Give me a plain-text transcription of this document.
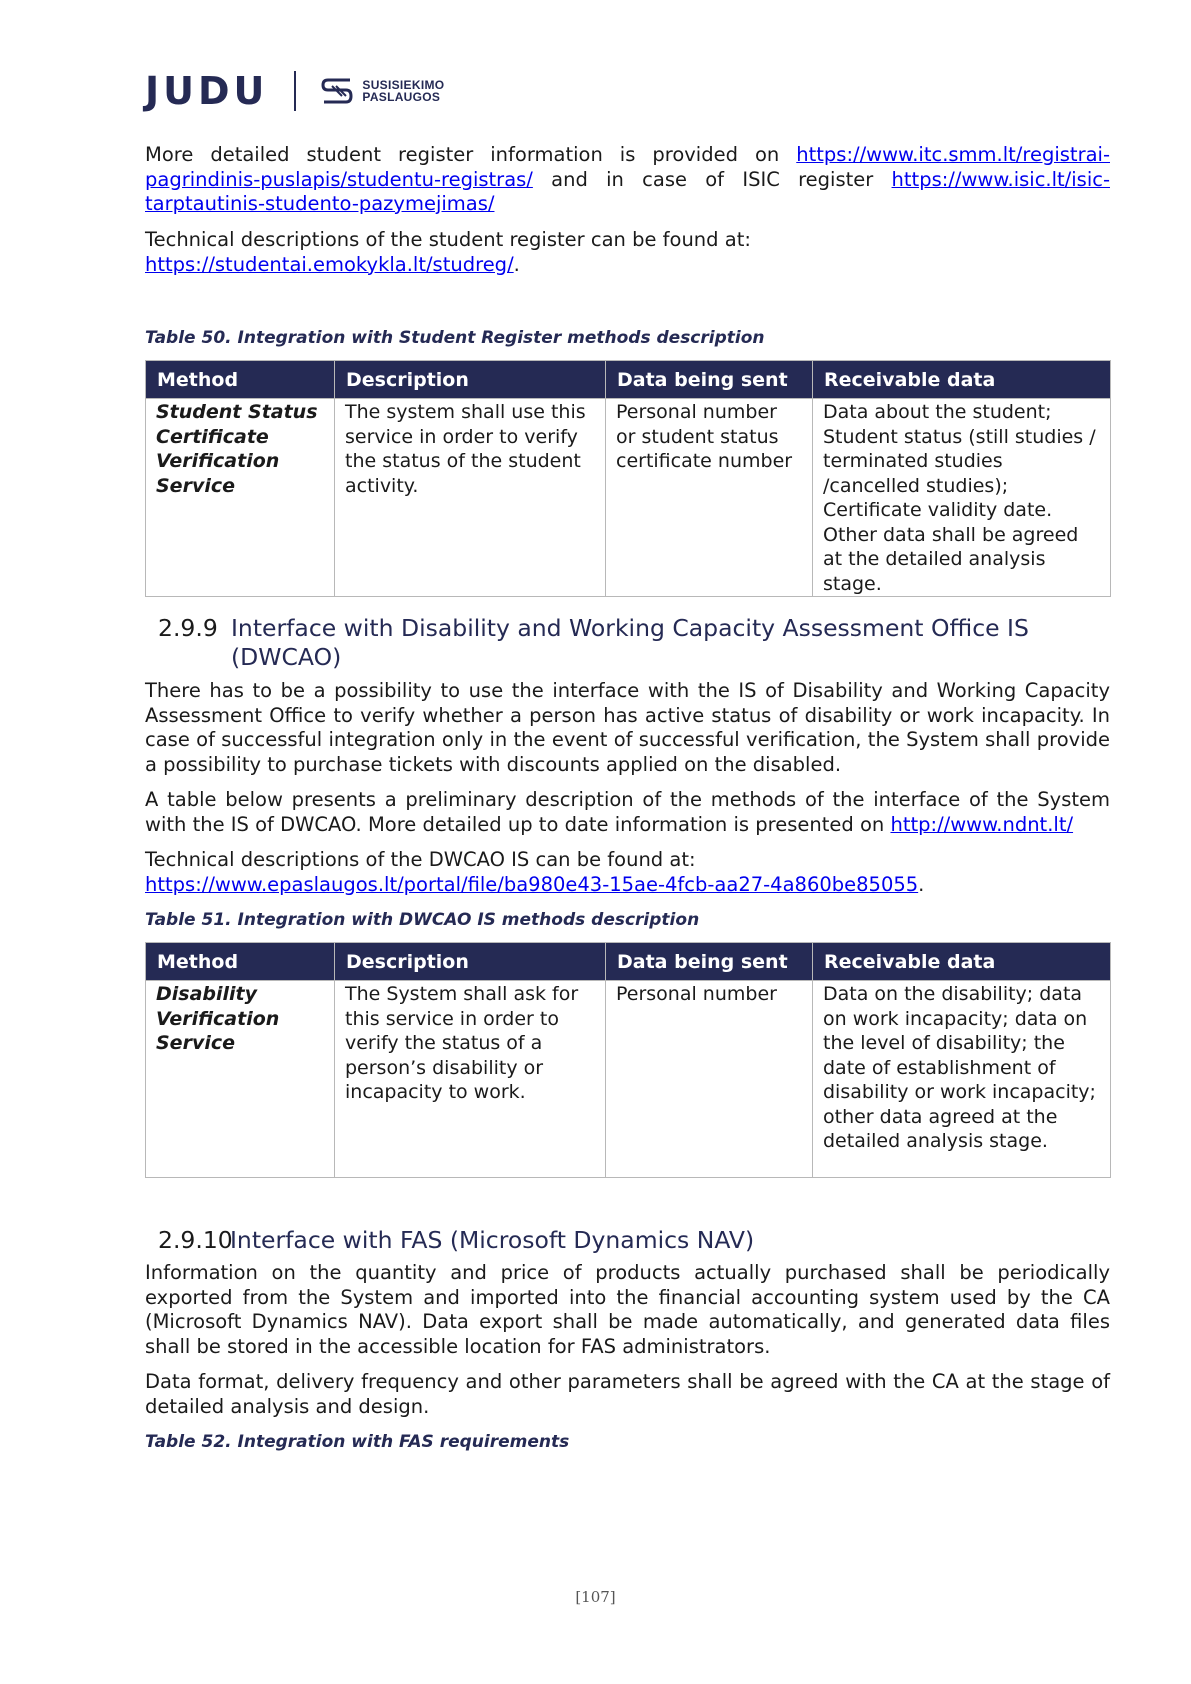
JUDU	SUSISIEKIMO
PASLAUGOS

More detailed student register information is provided on https://www.itc.smm.lt/registrai-pagrindinis-puslapis/studentu-registras/ and in case of ISIC register https://www.isic.lt/isic-tarptautinis-studento-pazymejimas/

Technical descriptions of the student register can be found at:
https://studentai.emokykla.lt/studreg/.

Table 50. Integration with Student Register methods description
Method	Description	Data being sent	Receivable data
Student Status Certificate Verification Service	The system shall use this service in order to verify the status of the student activity.	Personal number or student status certificate number	Data about the student; Student status (still studies / terminated studies /cancelled studies); Certificate validity date. Other data shall be agreed at the detailed analysis stage.
2.9.9 Interface with Disability and Working Capacity Assessment Office IS (DWCAO)

There has to be a possibility to use the interface with the IS of Disability and Working Capacity Assessment Office to verify whether a person has active status of disability or work incapacity. In case of successful integration only in the event of successful verification, the System shall provide a possibility to purchase tickets with discounts applied on the disabled.

A table below presents a preliminary description of the methods of the interface of the System with the IS of DWCAO. More detailed up to date information is presented on http://www.ndnt.lt/

Technical descriptions of the DWCAO IS can be found at:
https://www.epaslaugos.lt/portal/file/ba980e43-15ae-4fcb-aa27-4a860be85055.

Table 51. Integration with DWCAO IS methods description
Method	Description	Data being sent	Receivable data
Disability Verification Service	The System shall ask for this service in order to verify the status of a person’s disability or incapacity to work.	Personal number	Data on the disability; data on work incapacity; data on the level of disability; the date of establishment of disability or work incapacity; other data agreed at the detailed analysis stage.
2.9.10
Interface with FAS (Microsoft Dynamics NAV)

Information on the quantity and price of products actually purchased shall be periodically exported from the System and imported into the financial accounting system used by the CA (Microsoft Dynamics NAV). Data export shall be made automatically, and generated data files shall be stored in the accessible location for FAS administrators.

Data format, delivery frequency and other parameters shall be agreed with the CA at the stage of detailed analysis and design.

Table 52. Integration with FAS requirements
[107]
